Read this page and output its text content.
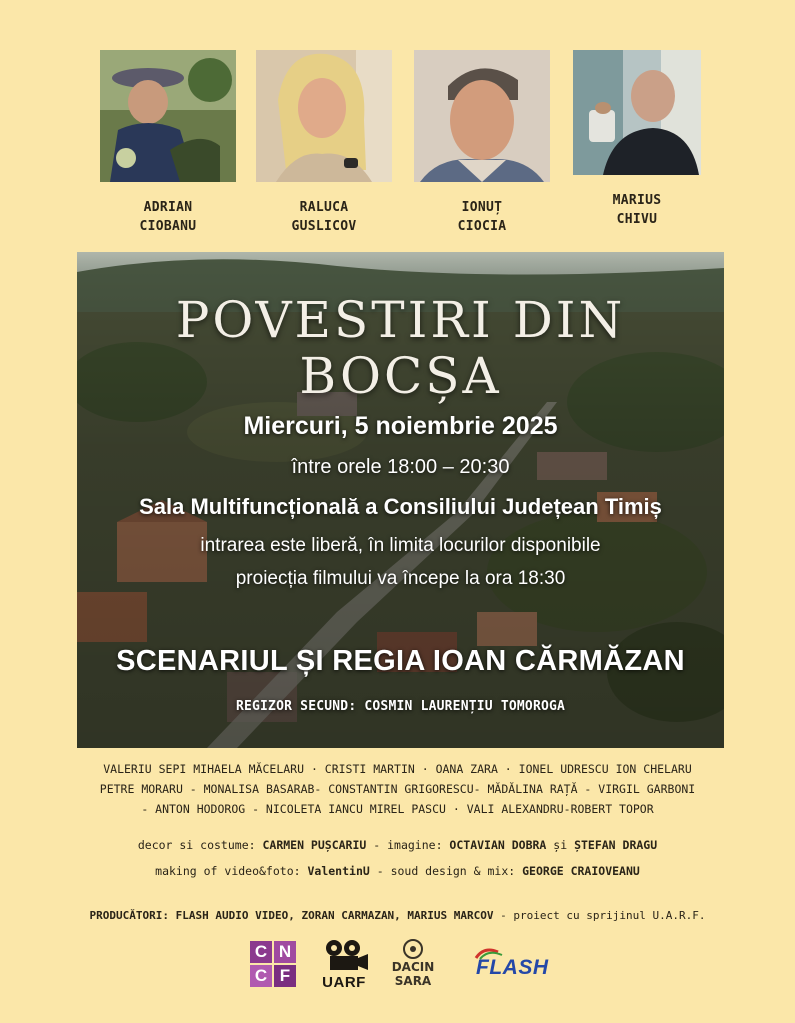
ADRIAN
CIOBANU
RALUCA
GUSLICOV
IONUȚ
CIOCIA
MARIUS
CHIVU
POVESTIRI DIN BOCȘA
Miercuri, 5 noiembrie 2025
între orele 18:00 – 20:30
Sala Multifuncțională a Consiliului Județean Timiș
intrarea este liberă, în limita locurilor disponibile
proiecția filmului va începe la ora 18:30
SCENARIUL ȘI REGIA IOAN CĂRMĂZAN
REGIZOR SECUND: COSMIN LAURENȚIU TOMOROGA
VALERIU SEPI MIHAELA MĂCELARU · CRISTI MARTIN · OANA ZARA · IONEL UDRESCU ION CHELARU
PETRE MORARU - MONALISA BASARAB- CONSTANTIN GRIGORESCU- MĂDĂLINA RAȚĂ - VIRGIL GARBONI
- ANTON HODOROG - NICOLETA IANCU MIREL PASCU · VALI ALEXANDRU-ROBERT TOPOR
decor si costume: CARMEN PUȘCARIU - imagine: OCTAVIAN DOBRA și ȘTEFAN DRAGU
making of video&foto: ValentinU - soud design & mix: GEORGE CRAIOVEANU
PRODUCĂTORI: FLASH AUDIO VIDEO, ZORAN CARMAZAN, MARIUS MARCOV - proiect cu sprijinul U.A.R.F.
C N
C F	UARF
DACIN
SARA
FLASH
